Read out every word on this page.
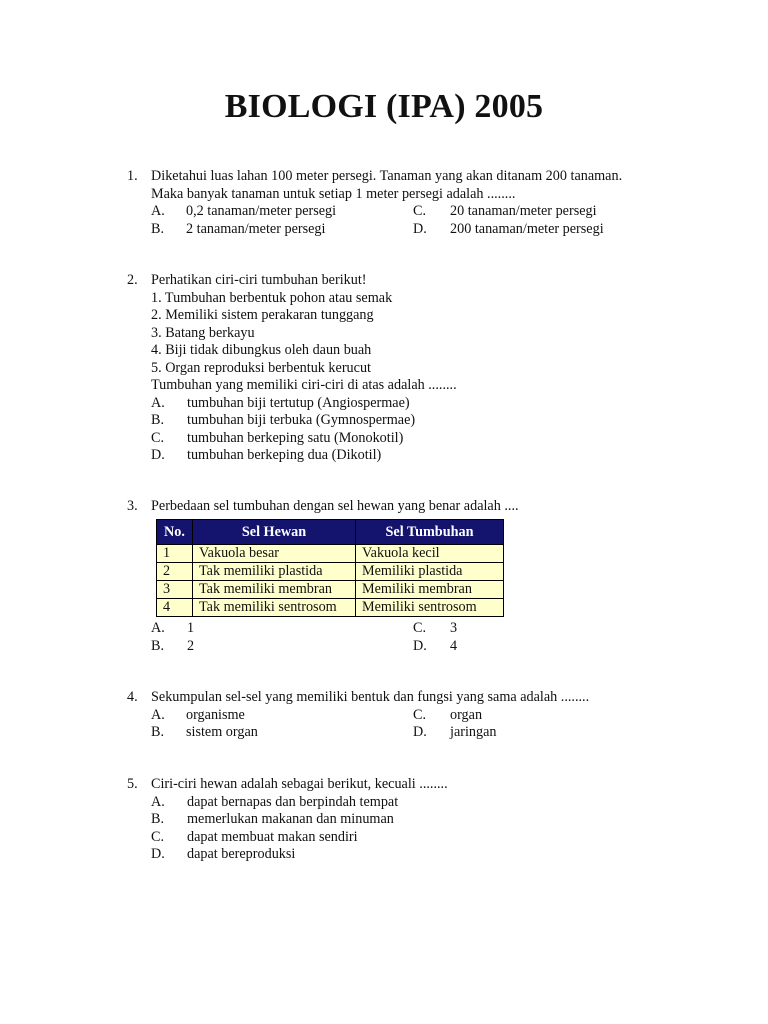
BIOLOGI (IPA) 2005
1. Diketahui luas lahan 100 meter persegi. Tanaman yang akan ditanam 200 tanaman.
Maka banyak tanaman untuk setiap 1 meter persegi adalah ........
A. 0,2 tanaman/meter persegi	C. 20 tanaman/meter persegi
B. 2 tanaman/meter persegi	D. 200 tanaman/meter persegi
2. Perhatikan ciri-ciri tumbuhan berikut!
1. Tumbuhan berbentuk pohon atau semak
2. Memiliki sistem perakaran tunggang
3. Batang berkayu
4. Biji tidak dibungkus oleh daun buah
5. Organ reproduksi berbentuk kerucut
Tumbuhan yang memiliki ciri-ciri di atas adalah ........
A. tumbuhan biji tertutup (Angiospermae)
B. tumbuhan biji terbuka (Gymnospermae)
C. tumbuhan berkeping satu (Monokotil)
D. tumbuhan berkeping dua (Dikotil)
3. Perbedaan sel tumbuhan dengan sel hewan yang benar adalah ....
No.	Sel Hewan	Sel Tumbuhan
1	Vakuola besar	Vakuola kecil
2	Tak memiliki plastida	Memiliki plastida
3	Tak memiliki membran	Memiliki membran
4	Tak memiliki sentrosom	Memiliki sentrosom
A. 1	C. 3
B. 2	D. 4
4. Sekumpulan sel-sel yang memiliki bentuk dan fungsi yang sama adalah ........
A. organisme	C. organ
B. sistem organ	D. jaringan
5. Ciri-ciri hewan adalah sebagai berikut, kecuali ........
A. dapat bernapas dan berpindah tempat
B. memerlukan makanan dan minuman
C. dapat membuat makan sendiri
D. dapat bereproduksi
